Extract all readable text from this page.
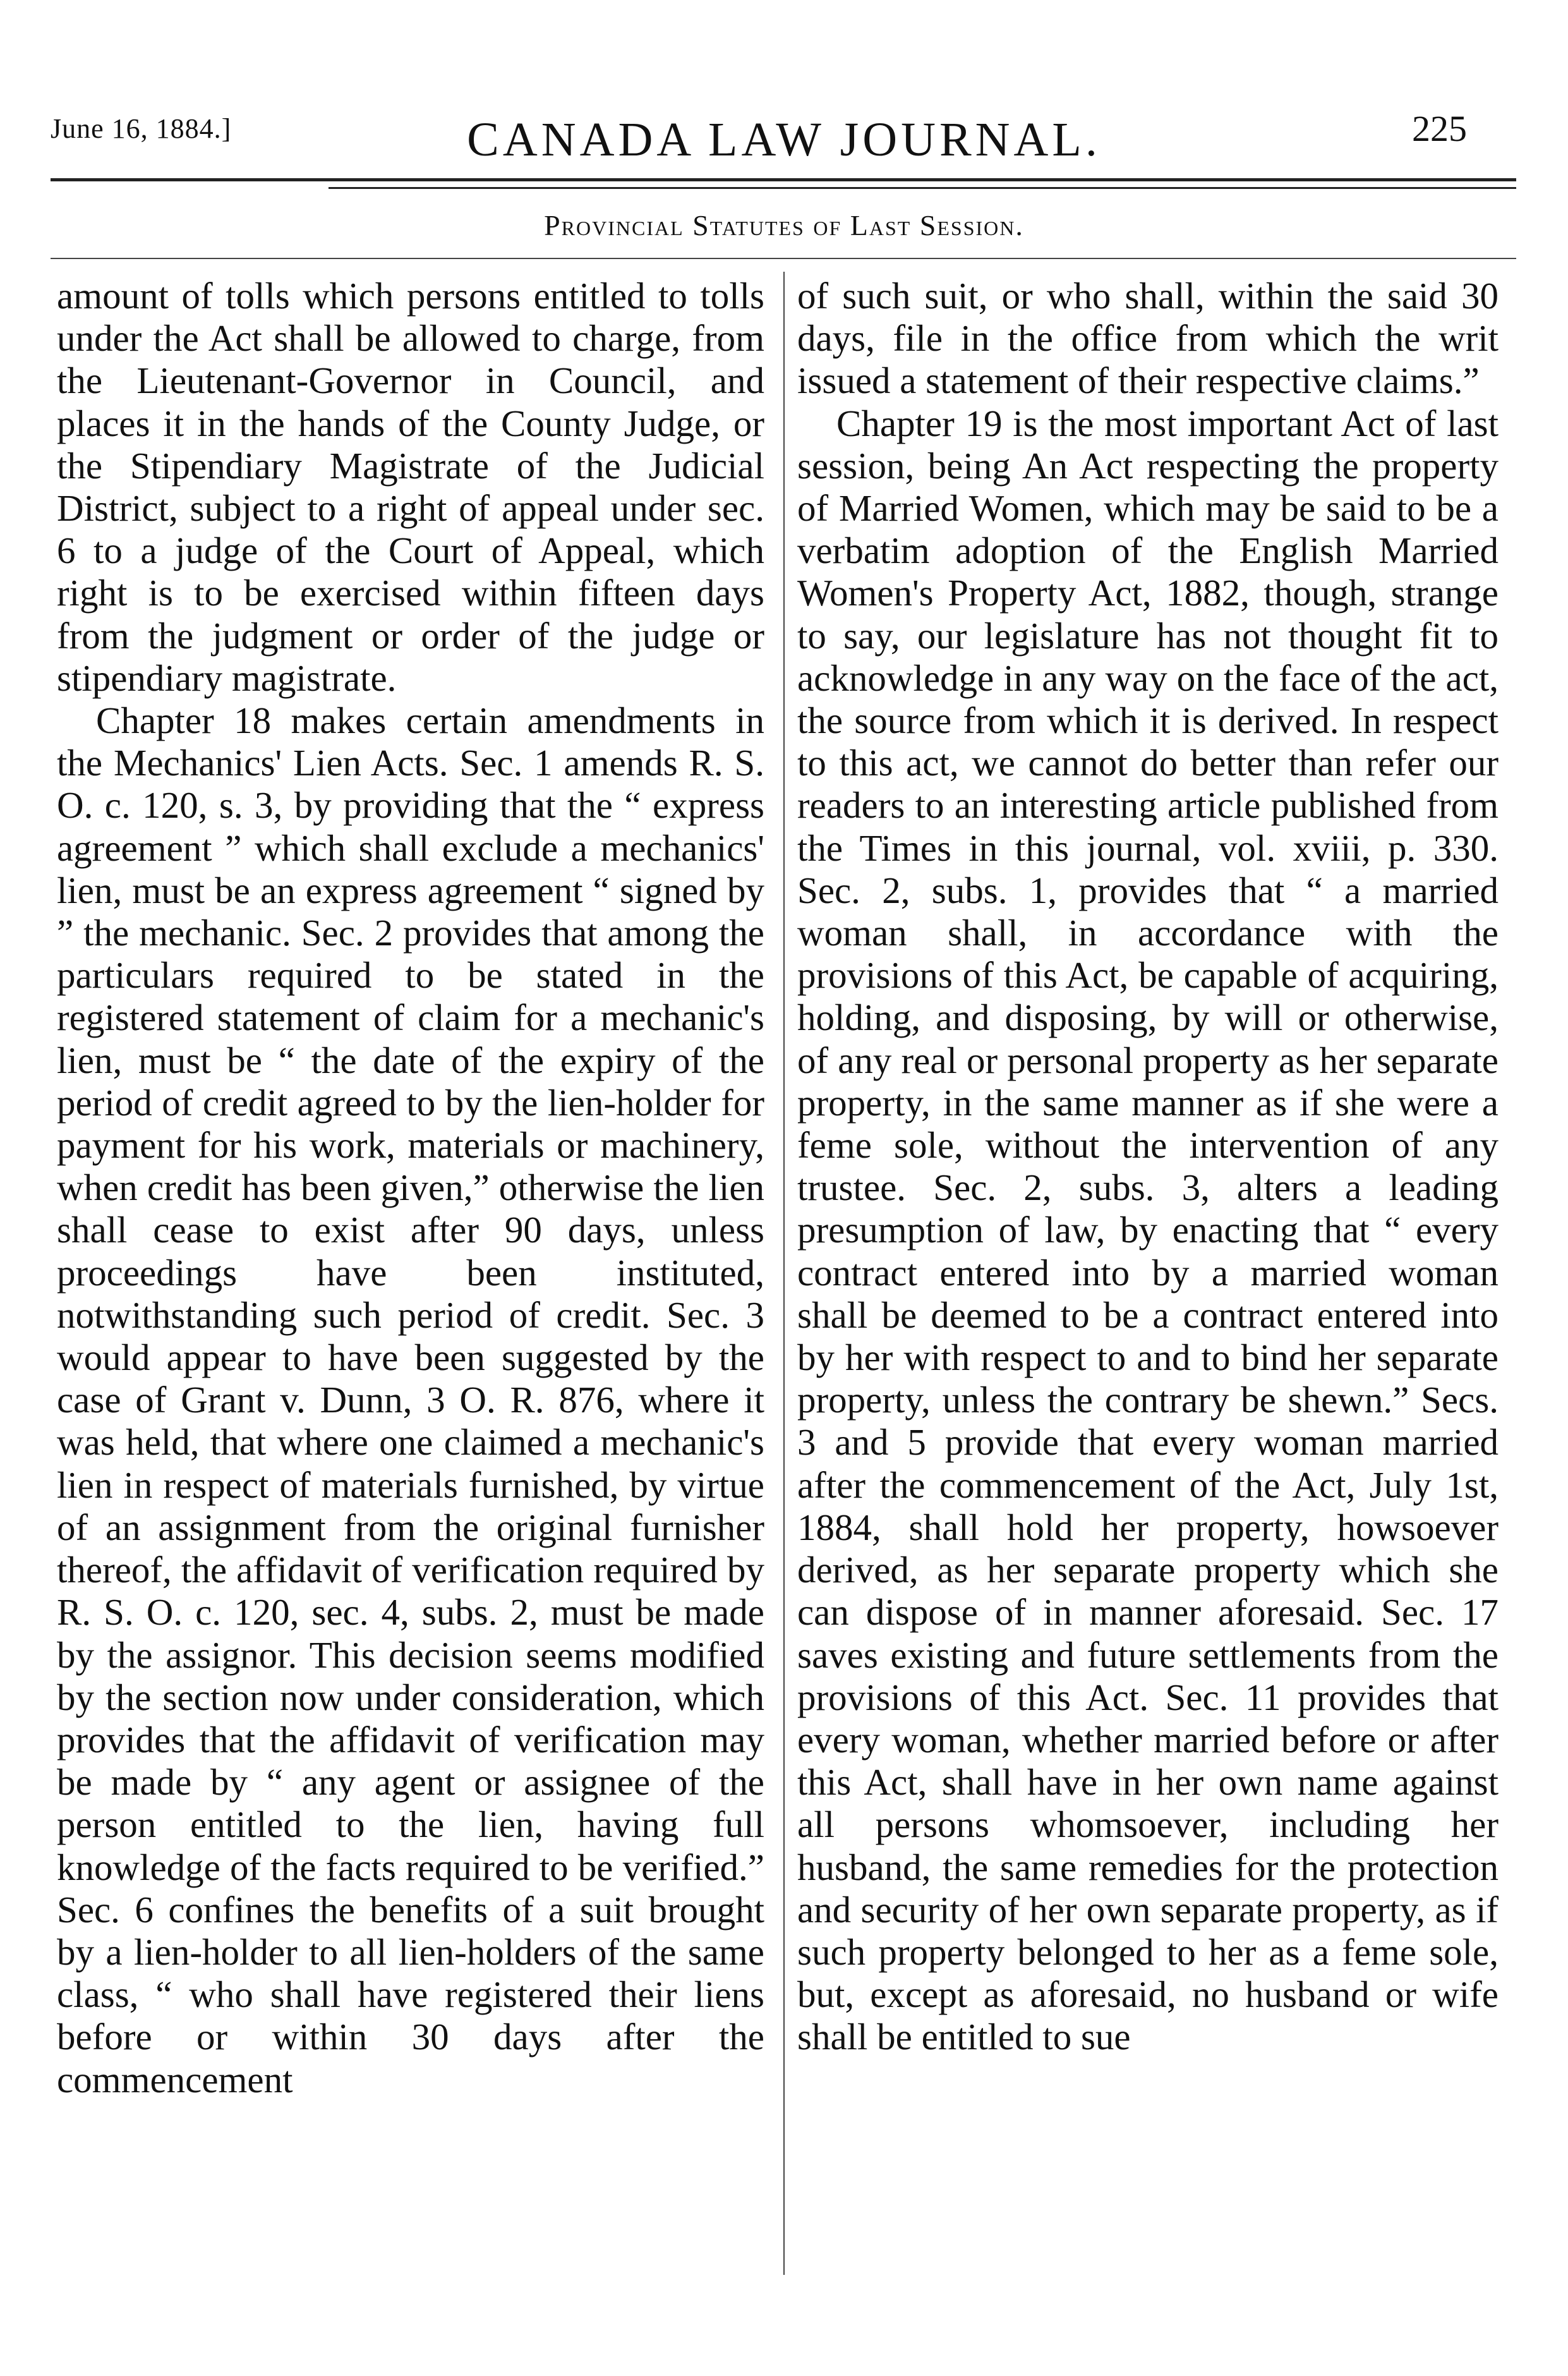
June 16, 1884.]	CANADA LAW JOURNAL.	225
Provincial Statutes of Last Session.

amount of tolls which persons entitled to tolls under the Act shall be allowed to charge, from the Lieutenant-Governor in Council, and places it in the hands of the County Judge, or the Stipendiary Magistrate of the Judicial District, subject to a right of appeal under sec. 6 to a judge of the Court of Appeal, which right is to be exercised within fifteen days from the judgment or order of the judge or stipendiary magistrate.

Chapter 18 makes certain amendments in the Mechanics' Lien Acts. Sec. 1 amends R. S. O. c. 120, s. 3, by providing that the “ express agreement ” which shall exclude a mechanics' lien, must be an express agreement “ signed by ” the mechanic. Sec. 2 provides that among the particulars required to be stated in the registered statement of claim for a mechanic's lien, must be “ the date of the expiry of the period of credit agreed to by the lien-holder for payment for his work, materials or machinery, when credit has been given,” otherwise the lien shall cease to exist after 90 days, unless proceedings have been instituted, notwithstanding such period of credit. Sec. 3 would appear to have been suggested by the case of Grant v. Dunn, 3 O. R. 876, where it was held, that where one claimed a mechanic's lien in respect of materials furnished, by virtue of an assignment from the original furnisher thereof, the affidavit of verification required by R. S. O. c. 120, sec. 4, subs. 2, must be made by the assignor. This decision seems modified by the section now under consideration, which provides that the affidavit of verification may be made by “ any agent or assignee of the person entitled to the lien, having full knowledge of the facts required to be verified.” Sec. 6 confines the benefits of a suit brought by a lien-holder to all lien-holders of the same class, “ who shall have registered their liens before or within 30 days after the commencement

of such suit, or who shall, within the said 30 days, file in the office from which the writ issued a statement of their respective claims.”

Chapter 19 is the most important Act of last session, being An Act respecting the property of Married Women, which may be said to be a verbatim adoption of the English Married Women's Property Act, 1882, though, strange to say, our legislature has not thought fit to acknowledge in any way on the face of the act, the source from which it is derived. In respect to this act, we cannot do better than refer our readers to an interesting article published from the Times in this journal, vol. xviii, p. 330. Sec. 2, subs. 1, provides that “ a married woman shall, in accordance with the provisions of this Act, be capable of acquiring, holding, and disposing, by will or otherwise, of any real or personal property as her separate property, in the same manner as if she were a feme sole, without the intervention of any trustee. Sec. 2, subs. 3, alters a leading presumption of law, by enacting that “ every contract entered into by a married woman shall be deemed to be a contract entered into by her with respect to and to bind her separate property, unless the contrary be shewn.” Secs. 3 and 5 provide that every woman married after the commencement of the Act, July 1st, 1884, shall hold her property, howsoever derived, as her separate property which she can dispose of in manner aforesaid. Sec. 17 saves existing and future settlements from the provisions of this Act. Sec. 11 provides that every woman, whether married before or after this Act, shall have in her own name against all persons whomsoever, including her husband, the same remedies for the protection and security of her own separate property, as if such property belonged to her as a feme sole, but, except as aforesaid, no husband or wife shall be entitled to sue
